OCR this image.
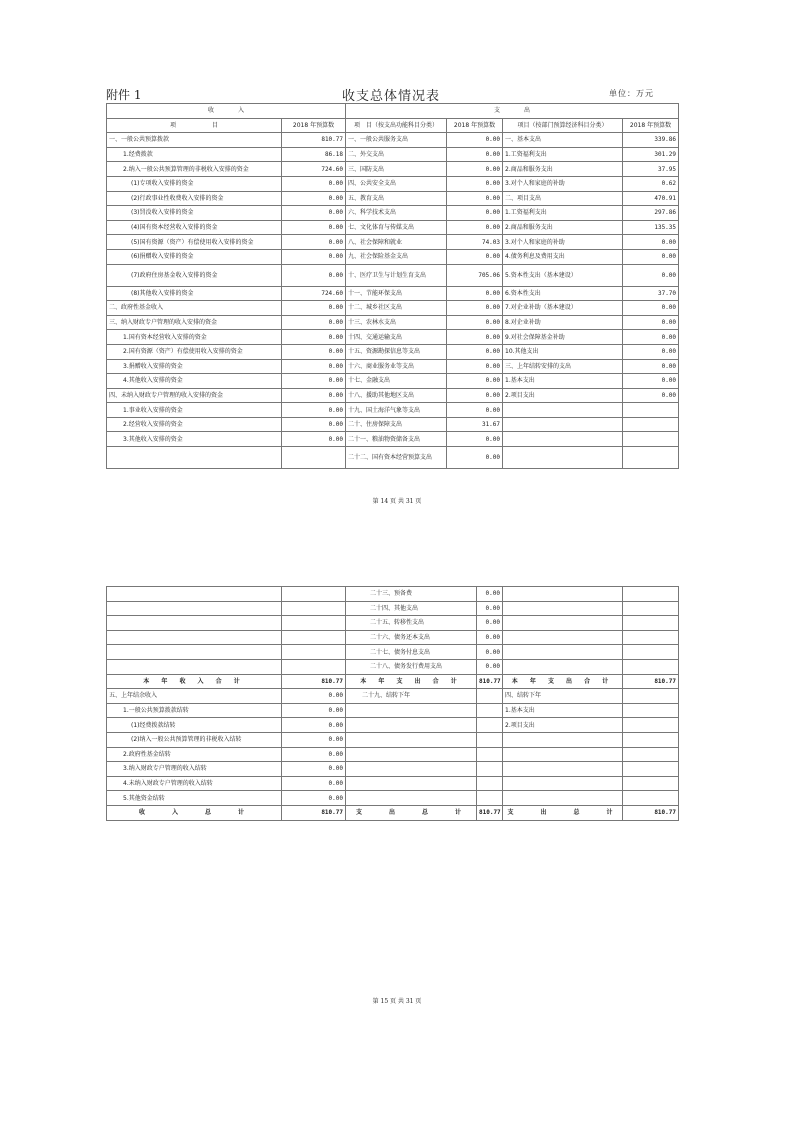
附件 1	收支总体情况表	单位：万元
收　　　　入		支　　　　出			
项　　　　　　目	2018 年预算数	项　目（按支出功能科目分类）	2018 年预算数	项目（按部门预算经济科目分类）	2018 年预算数
一、一般公共预算拨款	810.77	一、一般公共服务支出	0.00	一、基本支出	339.86
1.经费拨款	86.18	二、外交支出	0.00	1.工资福利支出	301.29
2.纳入一般公共预算管理的非税收入安排的资金	724.60	三、国防支出	0.00	2.商品和服务支出	37.95
(1)专项收入安排的资金	0.00	四、公共安全支出	0.00	3.对个人和家庭的补助	0.62
(2)行政事业性收费收入安排的资金	0.00	五、教育支出	0.00	二、项目支出	470.91
(3)罚没收入安排的资金	0.00	六、科学技术支出	0.00	1.工资福利支出	297.86
(4)国有资本经营收入安排的资金	0.00	七、文化体育与传媒支出	0.00	2.商品和服务支出	135.35
(5)国有资源（资产）有偿使用收入安排的资金	0.00	八、社会保障和就业	74.03	3.对个人和家庭的补助	0.00
(6)捐赠收入安排的资金	0.00	九、社会保险基金支出	0.00	4.债务利息及费用支出	0.00
(7)政府住房基金收入安排的资金	0.00	十、医疗卫生与计划生育支出	705.06	5.资本性支出（基本建设）	0.00
(8)其他收入安排的资金	724.60	十一、节能环保支出	0.00	6.资本性支出	37.70
二、政府性基金收入	0.00	十二、城乡社区支出	0.00	7.对企业补助（基本建设）	0.00
三、纳入财政专户管理的收入安排的资金	0.00	十三、农林水支出	0.00	8.对企业补助	0.00
1.国有资本经营收入安排的资金	0.00	十四、交通运输支出	0.00	9.对社会保障基金补助	0.00
2.国有资源（资产）有偿使用收入安排的资金	0.00	十五、资源勘探信息等支出	0.00	10.其他支出	0.00
3.捐赠收入安排的资金	0.00	十六、商业服务业等支出	0.00	三、上年结转安排的支出	0.00
4.其他收入安排的资金	0.00	十七、金融支出	0.00	1.基本支出	0.00
四、未纳入财政专户管理的收入安排的资金	0.00	十八、援助其他地区支出	0.00	2.项目支出	0.00
1.事业收入安排的资金	0.00	十九、国土海洋气象等支出	0.00		
2.经营收入安排的资金	0.00	二十、住房保障支出	31.67		
3.其他收入安排的资金	0.00	二十一、粮油物资储备支出	0.00		
		二十二、国有资本经营预算支出	0.00		
第 14 页 共 31 页
		二十三、预备费	0.00		
		二十四、其他支出	0.00		
		二十五、转移性支出	0.00		
		二十六、债务还本支出	0.00		
		二十七、债务付息支出	0.00		
		二十八、债务发行费用支出	0.00		
本 年 收 入 合 计	810.77	本 年 支 出 合 计	810.77	本 年 支 出 合 计	810.77
五、上年结余收入	0.00	二十九、结转下年		四、结转下年	
1.一般公共预算拨款结转	0.00			1.基本支出	
(1)经费拨款结转	0.00			2.项目支出	
(2)纳入一般公共预算管理的非税收入结转	0.00				
2.政府性基金结转	0.00				
3.纳入财政专户管理的收入结转	0.00				
4.未纳入财政专户管理的收入结转	0.00				
5.其他资金结转	0.00				
收　　入　　总　　计	810.77	支　　出　　总　　计	810.77	支　　出　　总　　计	810.77
第 15 页 共 31 页
